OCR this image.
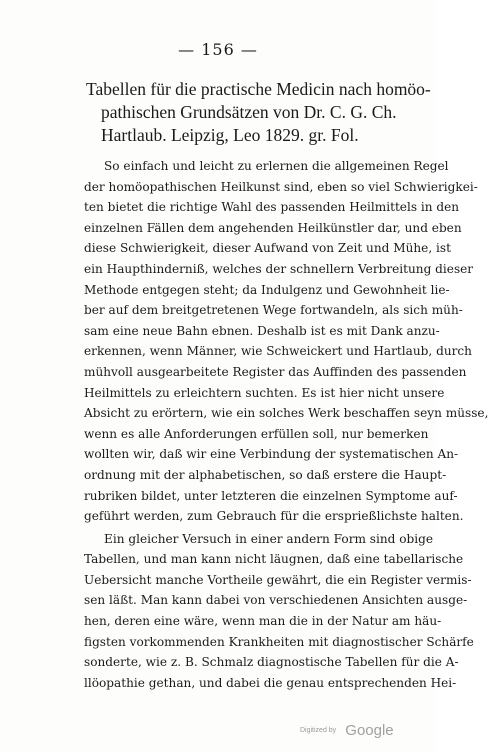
— 156 —
Tabellen für die practische Medicin nach homöo-
pathischen Grundsätzen von Dr. C. G. Ch.
Hartlaub. Leipzig, Leo 1829. gr. Fol.
So einfach und leicht zu erlernen die allgemeinen Regel
der homöopathischen Heilkunst sind, eben so viel Schwierigkei-
ten bietet die richtige Wahl des passenden Heilmittels in den
einzelnen Fällen dem angehenden Heilkünstler dar, und eben
diese Schwierigkeit, dieser Aufwand von Zeit und Mühe, ist
ein Haupthinderniß, welches der schnellern Verbreitung dieser
Methode entgegen steht; da Indulgenz und Gewohnheit lie-
ber auf dem breitgetretenen Wege fortwandeln, als sich müh-
sam eine neue Bahn ebnen. Deshalb ist es mit Dank anzu-
erkennen, wenn Männer, wie Schweickert und Hartlaub, durch
mühvoll ausgearbeitete Register das Auffinden des passenden
Heilmittels zu erleichtern suchten. Es ist hier nicht unsere
Absicht zu erörtern, wie ein solches Werk beschaffen seyn müsse,
wenn es alle Anforderungen erfüllen soll, nur bemerken
wollten wir, daß wir eine Verbindung der systematischen An-
ordnung mit der alphabetischen, so daß erstere die Haupt-
rubriken bildet, unter letzteren die einzelnen Symptome auf-
geführt werden, zum Gebrauch für die ersprießlichste halten.
Ein gleicher Versuch in einer andern Form sind obige
Tabellen, und man kann nicht läugnen, daß eine tabellarische
Uebersicht manche Vortheile gewährt, die ein Register vermis-
sen läßt. Man kann dabei von verschiedenen Ansichten ausge-
hen, deren eine wäre, wenn man die in der Natur am häu-
figsten vorkommenden Krankheiten mit diagnostischer Schärfe
sonderte, wie z. B. Schmalz diagnostische Tabellen für die A-
llöopathie gethan, und dabei die genau entsprechenden Hei-
Digitized by Google
